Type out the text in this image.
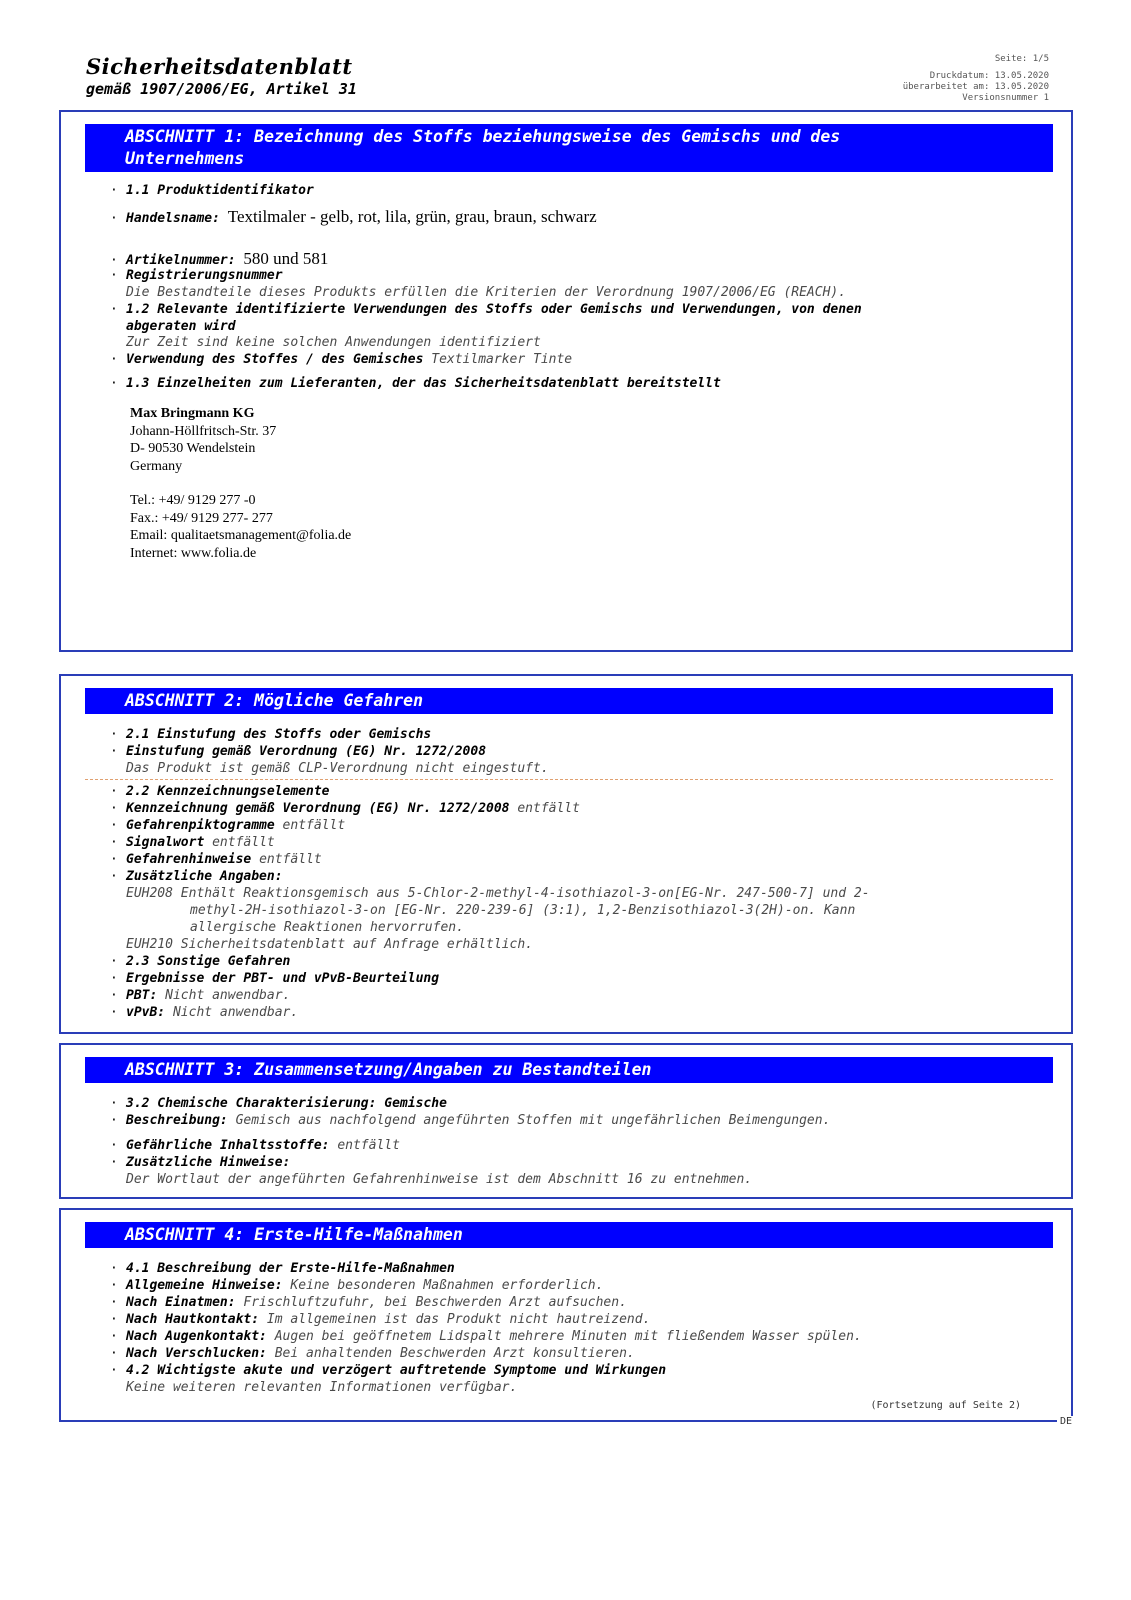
Sicherheitsdatenblatt
gemäß 1907/2006/EG, Artikel 31
Seite: 1/5
Druckdatum: 13.05.2020
überarbeitet am: 13.05.2020
Versionsnummer 1
ABSCHNITT 1: Bezeichnung des Stoffs beziehungsweise des Gemischs und des
Unternehmens
· 1.1 Produktidentifikator
· Handelsname: Textilmaler - gelb, rot, lila, grün, grau, braun, schwarz
· Artikelnummer: 580 und 581
· Registrierungsnummer
Die Bestandteile dieses Produkts erfüllen die Kriterien der Verordnung 1907/2006/EG (REACH).
· 1.2 Relevante identifizierte Verwendungen des Stoffs oder Gemischs und Verwendungen, von denen
abgeraten wird
Zur Zeit sind keine solchen Anwendungen identifiziert
· Verwendung des Stoffes / des Gemisches Textilmarker Tinte
· 1.3 Einzelheiten zum Lieferanten, der das Sicherheitsdatenblatt bereitstellt
Max Bringmann KG
Johann-Höllfritsch-Str. 37
D- 90530 Wendelstein
Germany
Tel.: +49/ 9129 277 -0
Fax.: +49/ 9129 277- 277
Email: qualitaetsmanagement@folia.de
Internet: www.folia.de
ABSCHNITT 2: Mögliche Gefahren
· 2.1 Einstufung des Stoffs oder Gemischs
· Einstufung gemäß Verordnung (EG) Nr. 1272/2008
Das Produkt ist gemäß CLP-Verordnung nicht eingestuft.
· 2.2 Kennzeichnungselemente
· Kennzeichnung gemäß Verordnung (EG) Nr. 1272/2008 entfällt
· Gefahrenpiktogramme entfällt
· Signalwort entfällt
· Gefahrenhinweise entfällt
· Zusätzliche Angaben:
EUH208 Enthält Reaktionsgemisch aus 5-Chlor-2-methyl-4-isothiazol-3-on[EG-Nr. 247-500-7] und 2-
methyl-2H-isothiazol-3-on [EG-Nr. 220-239-6] (3:1), 1,2-Benzisothiazol-3(2H)-on. Kann
allergische Reaktionen hervorrufen.
EUH210 Sicherheitsdatenblatt auf Anfrage erhältlich.
· 2.3 Sonstige Gefahren
· Ergebnisse der PBT- und vPvB-Beurteilung
· PBT: Nicht anwendbar.
· vPvB: Nicht anwendbar.
ABSCHNITT 3: Zusammensetzung/Angaben zu Bestandteilen
· 3.2 Chemische Charakterisierung: Gemische
· Beschreibung: Gemisch aus nachfolgend angeführten Stoffen mit ungefährlichen Beimengungen.
· Gefährliche Inhaltsstoffe: entfällt
· Zusätzliche Hinweise:
Der Wortlaut der angeführten Gefahrenhinweise ist dem Abschnitt 16 zu entnehmen.
ABSCHNITT 4: Erste-Hilfe-Maßnahmen
· 4.1 Beschreibung der Erste-Hilfe-Maßnahmen
· Allgemeine Hinweise: Keine besonderen Maßnahmen erforderlich.
· Nach Einatmen: Frischluftzufuhr, bei Beschwerden Arzt aufsuchen.
· Nach Hautkontakt: Im allgemeinen ist das Produkt nicht hautreizend.
· Nach Augenkontakt: Augen bei geöffnetem Lidspalt mehrere Minuten mit fließendem Wasser spülen.
· Nach Verschlucken: Bei anhaltenden Beschwerden Arzt konsultieren.
· 4.2 Wichtigste akute und verzögert auftretende Symptome und Wirkungen
Keine weiteren relevanten Informationen verfügbar.
(Fortsetzung auf Seite 2)
DE
